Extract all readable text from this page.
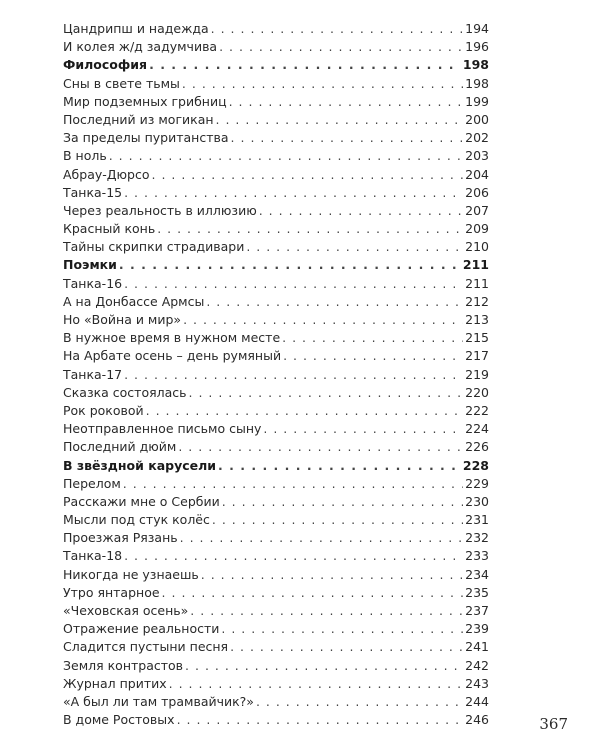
Цандрипш и надежда . . .	194
И колея ж/д задумчива . . .	196
Философия . . .	198
Сны в свете тьмы . . .	198
Мир подземных грибниц . . .	199
Последний из могикан . . .	200
За пределы пуританства . . .	202
В ноль . . .	203
Абрау-Дюрсо . . .	204
Танка-15 . . .	206
Через реальность в иллюзию . . .	207
Красный конь . . .	209
Тайны скрипки страдивари . . .	210
Поэмки . . .	211
Танка-16 . . .	211
А на Донбассе Армсы . . .	212
Но «Война и мир» . . .	213
В нужное время в нужном месте . . .	215
На Арбате осень – день румяный . . .	217
Танка-17 . . .	219
Сказка состоялась . . .	220
Рок роковой . . .	222
Неотправленное письмо сыну . . .	224
Последний дюйм . . .	226
В звёздной карусели . . .	228
Перелом . . .	229
Расскажи мне о Сербии . . .	230
Мысли под стук колёс . . .	231
Проезжая Рязань . . .	232
Танка-18 . . .	233
Никогда не узнаешь . . .	234
Утро янтарное . . .	235
«Чеховская осень» . . .	237
Отражение реальности . . .	239
Сладится пустыни песня . . .	241
Земля контрастов . . .	242
Журнал притих . . .	243
«А был ли там трамвайчик?» . . .	244
В доме Ростовых . . .	246	367
